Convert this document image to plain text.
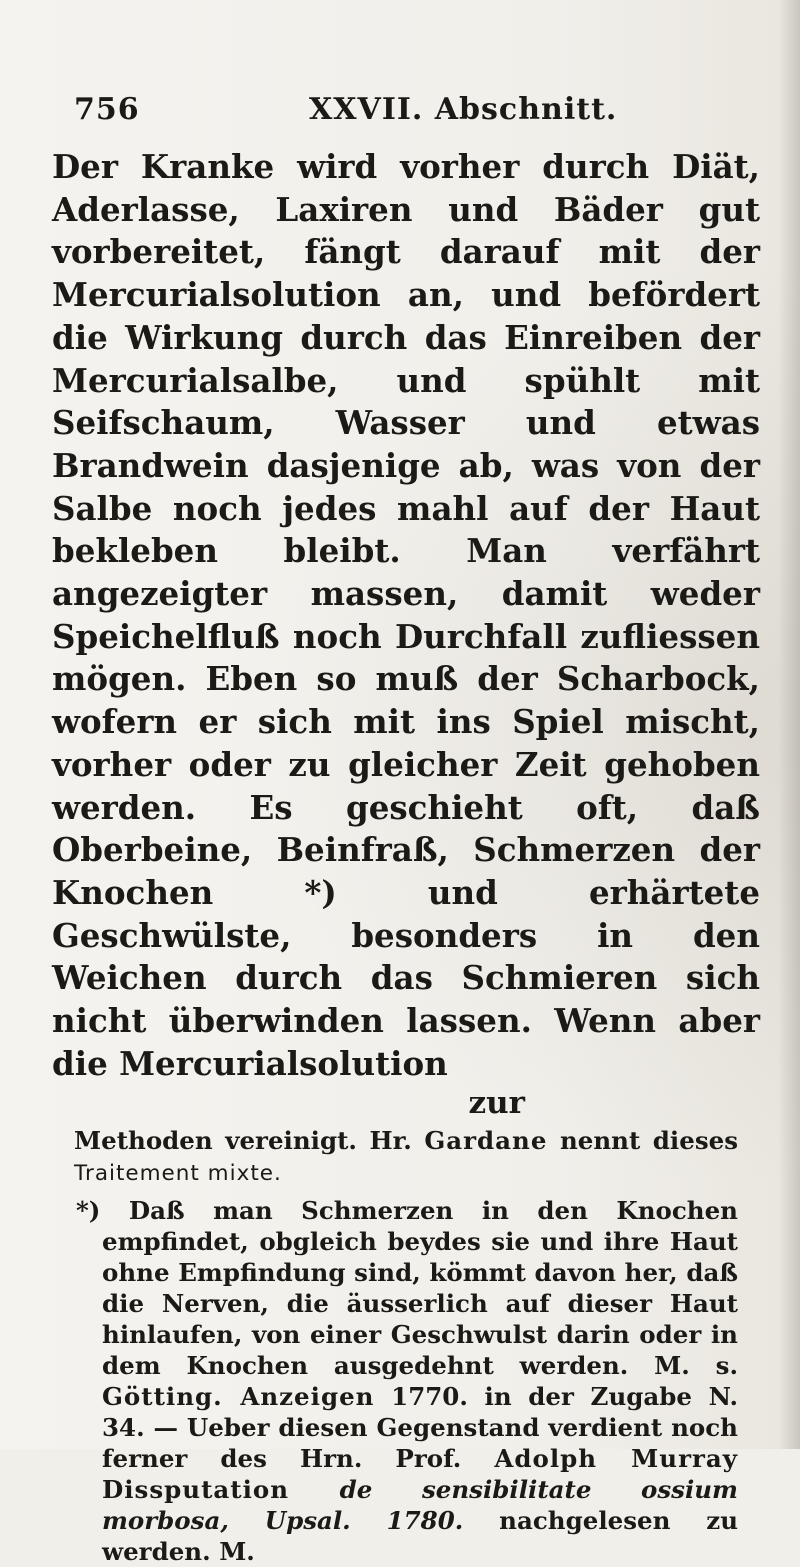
756	XXVII. Abschnitt.
Der Kranke wird vorher durch Diät, Aderlasse, Laxiren und Bäder gut vorbereitet, fängt darauf mit der Mercurialsolution an, und befördert die Wirkung durch das Einreiben der Mercurialsalbe, und spühlt mit Seifschaum, Wasser und etwas Brandwein dasjenige ab, was von der Salbe noch jedes mahl auf der Haut bekleben bleibt. Man verfährt angezeigter massen, damit weder Speichelfluß noch Durchfall zufliessen mögen. Eben so muß der Scharbock, wofern er sich mit ins Spiel mischt, vorher oder zu gleicher Zeit gehoben werden. Es geschieht oft, daß Oberbeine, Beinfraß, Schmerzen der Knochen *) und erhärtete Geschwülste, besonders in den Weichen durch das Schmieren sich nicht überwinden lassen. Wenn aber die Mercurialsolution
zur
Methoden vereinigt. Hr. Gardane nennt dieses Traitement mixte.
*) Daß man Schmerzen in den Knochen empfindet, obgleich beydes sie und ihre Haut ohne Empfindung sind, kömmt davon her, daß die Nerven, die äusserlich auf dieser Haut hinlaufen, von einer Geschwulst darin oder in dem Knochen ausgedehnt werden. M. s. Götting. Anzeigen 1770. in der Zugabe N. 34. — Ueber diesen Gegenstand verdient noch ferner des Hrn. Prof. Adolph Murray Dissputation de sensibilitate ossium morbosa, Upsal. 1780. nachgelesen zu werden. M.
